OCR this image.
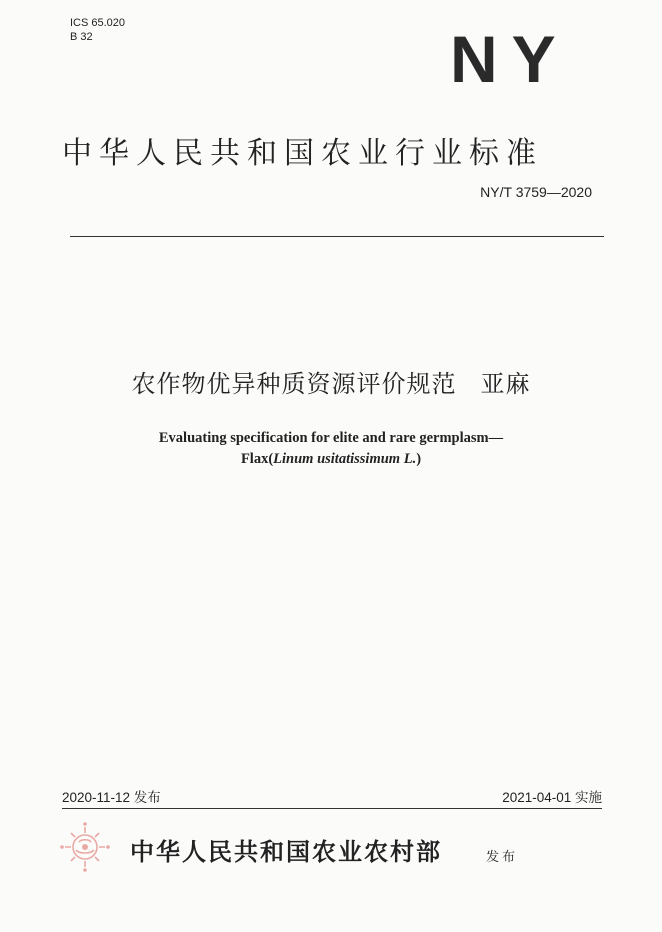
ICS 65.020
B 32	NY
中华人民共和国农业行业标准
NY/T 3759—2020
农作物优异种质资源评价规范 亚麻
Evaluating specification for elite and rare germplasm—
Flax(Linum usitatissimum L.)
2020-11-12 发布	2021-04-01 实施
中华人民共和国农业农村部	发布
